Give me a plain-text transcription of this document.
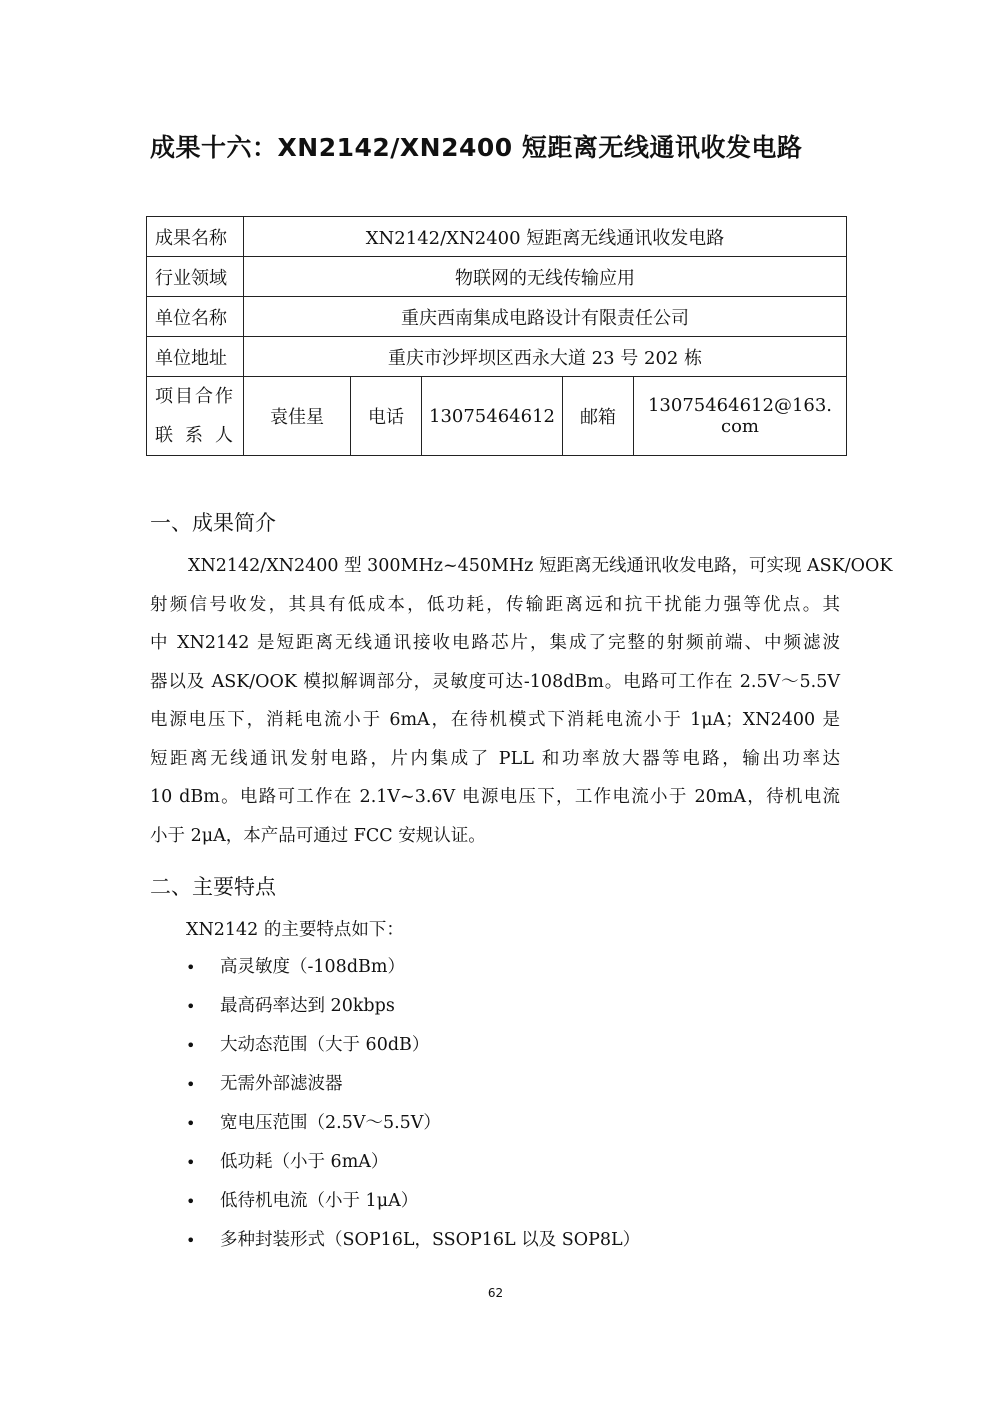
成果十六：XN2142/XN2400 短距离无线通讯收发电路
成果名称	XN2142/XN2400 短距离无线通讯收发电路				
行业领域	物联网的无线传输应用				
单位名称	重庆西南集成电路设计有限责任公司				
单位地址	重庆市沙坪坝区西永大道 23 号 202 栋				

项目合作
联 系 人	袁佳星	电话	13075464612	邮箱	13075464612@163. com
一、成果简介
XN2142/XN2400 型 300MHz~450MHz 短距离无线通讯收发电路，可实现 ASK/OOK
射频信号收发，其具有低成本，低功耗，传输距离远和抗干扰能力强等优点。其
中 XN2142 是短距离无线通讯接收电路芯片，集成了完整的射频前端、中频滤波
器以及 ASK/OOK 模拟解调部分，灵敏度可达-108dBm。电路可工作在 2.5V～5.5V
电源电压下，消耗电流小于 6mA，在待机模式下消耗电流小于 1μA；XN2400 是
短距离无线通讯发射电路，片内集成了 PLL 和功率放大器等电路，输出功率达
10 dBm。电路可工作在 2.1V~3.6V 电源电压下，工作电流小于 20mA，待机电流
小于 2μA，本产品可通过 FCC 安规认证。
二、主要特点
XN2142 的主要特点如下：
• 高灵敏度（-108dBm）
• 最高码率达到 20kbps
• 大动态范围（大于 60dB）
• 无需外部滤波器
• 宽电压范围（2.5V～5.5V）
• 低功耗（小于 6mA）
• 低待机电流（小于 1μA）
• 多种封装形式（SOP16L，SSOP16L 以及 SOP8L）
62
